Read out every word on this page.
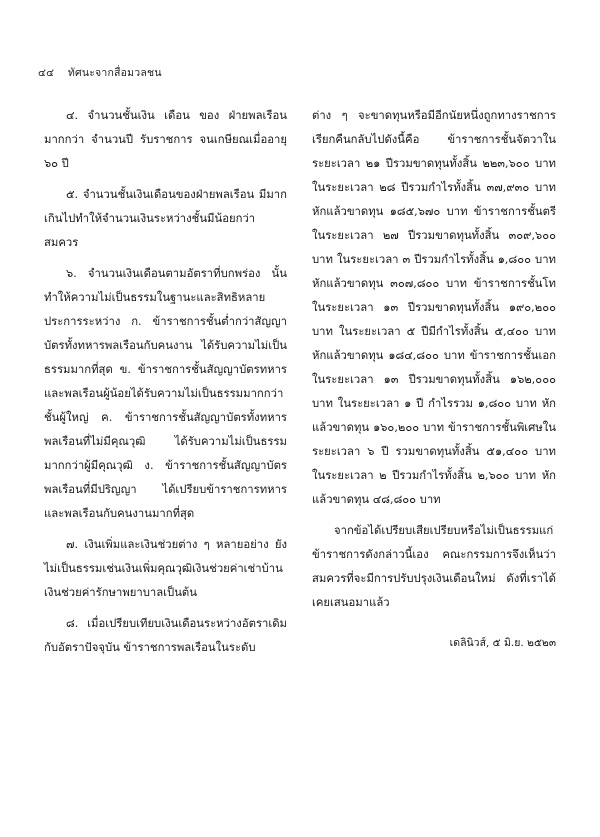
๔๔ ทัศนะจากสื่อมวลชน

๔. จำนวนชั้นเงิน เดือน ของ ฝ่ายพลเรือน มากกว่า จำนวนปี รับราชการ จนเกษียณเมื่ออายุ ๖๐ ปี

๕. จำนวนชั้นเงินเดือนของฝ่ายพลเรือน มีมากเกินไปทำให้จำนวนเงินระหว่างชั้นมีน้อยกว่าสมควร

๖. จำนวนเงินเดือนตามอัตราที่บกพร่อง นั้นทำให้ความไม่เป็นธรรมในฐานะและสิทธิหลาย ประการระหว่าง ก. ข้าราชการชั้นต่ำกว่าสัญญาบัตรทั้งทหารพลเรือนกับคนงาน ได้รับความไม่เป็นธรรมมากที่สุด ข. ข้าราชการชั้นสัญญาบัตรทหารและพลเรือนผู้น้อยได้รับความไม่เป็นธรรมมากกว่าชั้นผู้ใหญ่ ค. ข้าราชการชั้นสัญญาบัตรทั้งทหารพลเรือนที่ไม่มีคุณวุฒิ ได้รับความไม่เป็นธรรมมากกว่าผู้มีคุณวุฒิ ง. ข้าราชการชั้นสัญญาบัตรพลเรือนที่มีปริญญา ได้เปรียบข้าราชการทหาร และพลเรือนกับคนงานมากที่สุด

๗. เงินเพิ่มและเงินช่วยต่าง ๆ หลายอย่าง ยังไม่เป็นธรรมเช่นเงินเพิ่มคุณวุฒิเงินช่วยค่าเช่าบ้าน เงินช่วยค่ารักษาพยาบาลเป็นต้น

๘. เมื่อเปรียบเทียบเงินเดือนระหว่างอัตราเดิมกับอัตราปัจจุบัน ข้าราชการพลเรือนในระดับ

ต่าง ๆ จะขาดทุนหรือมีอีกนัยหนึ่งถูกทางราชการเรียกคืนกลับไปดังนี้คือ ข้าราชการชั้นจัตวาในระยะเวลา ๒๑ ปีรวมขาดทุนทั้งสิ้น ๒๒๓,๖๐๐ บาท ในระยะเวลา ๒๘ ปีรวมกำไรทั้งสิ้น ๓๗,๙๓๐ บาท หักแล้วขาดทุน ๑๘๕,๖๗๐ บาท ข้าราชการชั้นตรี ในระยะเวลา ๒๗ ปีรวมขาดทุนทั้งสิ้น ๓๐๙,๖๐๐ บาท ในระยะเวลา ๓ ปีรวมกำไรทั้งสิ้น ๑,๘๐๐ บาท หักแล้วขาดทุน ๓๐๗,๘๐๐ บาท ข้าราชการชั้นโทในระยะเวลา ๑๓ ปีรวมขาดทุนทั้งสิ้น ๑๙๐,๒๐๐ บาท ในระยะเวลา ๕ ปีมีกำไรทั้งสิ้น ๕,๔๐๐ บาท หักแล้วขาดทุน ๑๘๔,๘๐๐ บาท ข้าราชการชั้นเอกในระยะเวลา ๑๓ ปีรวมขาดทุนทั้งสิ้น ๑๖๒,๐๐๐ บาท ในระยะเวลา ๑ ปี กำไรรวม ๑,๘๐๐ บาท หักแล้วขาดทุน ๑๖๐,๒๐๐ บาท ข้าราชการชั้นพิเศษในระยะเวลา ๖ ปี รวมขาดทุนทั้งสิ้น ๕๑,๔๐๐ บาท ในระยะเวลา ๒ ปีรวมกำไรทั้งสิ้น ๒,๖๐๐ บาท หักแล้วขาดทุน ๔๘,๘๐๐ บาท

จากข้อได้เปรียบเสียเปรียบหรือไม่เป็นธรรมแก่ข้าราชการดังกล่าวนี้เอง คณะกรรมการจึงเห็นว่าสมควรที่จะมีการปรับปรุงเงินเดือนใหม่ ดังที่เราได้เคยเสนอมาแล้ว

เดลินิวส์, ๕ มิ.ย. ๒๕๒๓
